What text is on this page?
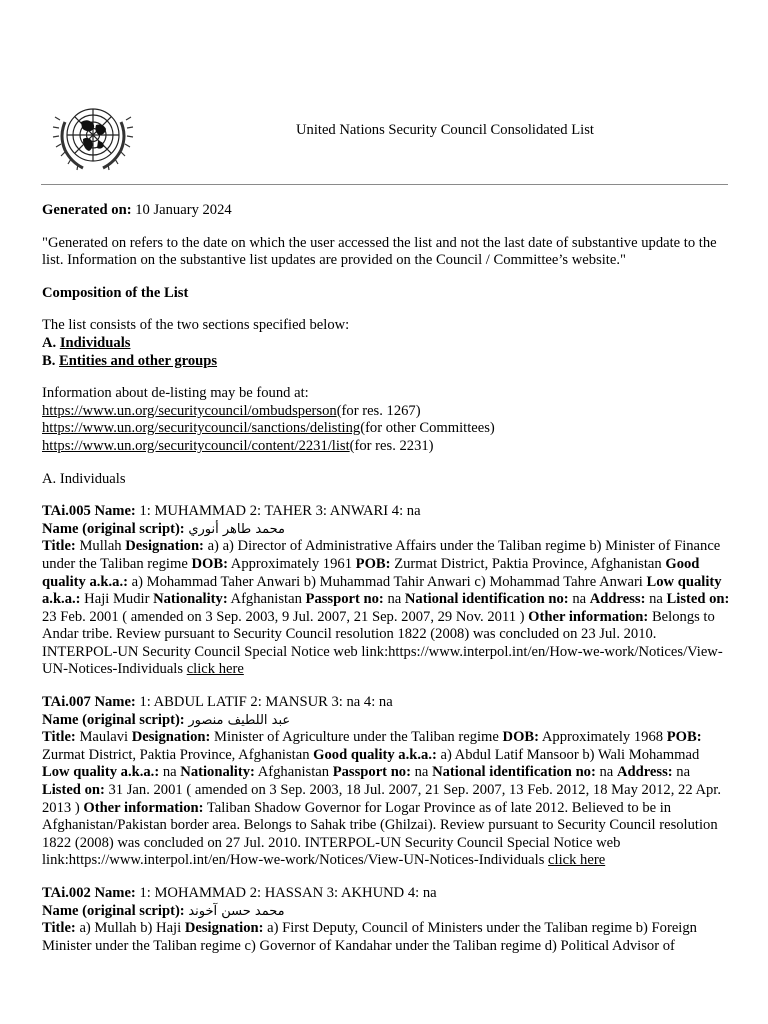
United Nations Security Council Consolidated List

Generated on: 10 January 2024

"Generated on refers to the date on which the user accessed the list and not the last date of substantive update to the list. Information on the substantive list updates are provided on the Council / Committee’s website."

Composition of the List

The list consists of the two sections specified below:
A. Individuals
B. Entities and other groups

Information about de-listing may be found at:
https://www.un.org/securitycouncil/ombudsperson(for res. 1267)
https://www.un.org/securitycouncil/sanctions/delisting(for other Committees)
https://www.un.org/securitycouncil/content/2231/list(for res. 2231)

A. Individuals

TAi.005 Name: 1: MUHAMMAD 2: TAHER 3: ANWARI 4: na
Name (original script): محمد طاهر أنوري
Title: Mullah Designation: a) a) Director of Administrative Affairs under the Taliban regime b) Minister of Finance under the Taliban regime DOB: Approximately 1961 POB: Zurmat District, Paktia Province, Afghanistan Good quality a.k.a.: a) Mohammad Taher Anwari b) Muhammad Tahir Anwari c) Mohammad Tahre Anwari Low quality a.k.a.: Haji Mudir Nationality: Afghanistan Passport no: na National identification no: na Address: na Listed on: 23 Feb. 2001 ( amended on 3 Sep. 2003, 9 Jul. 2007, 21 Sep. 2007, 29 Nov. 2011 ) Other information: Belongs to Andar tribe. Review pursuant to Security Council resolution 1822 (2008) was concluded on 23 Jul. 2010. INTERPOL-UN Security Council Special Notice web link:https://www.interpol.int/en/How-we-work/Notices/View-UN-Notices-Individuals click here
TAi.007 Name: 1: ABDUL LATIF 2: MANSUR 3: na 4: na
Name (original script): عبد اللطيف منصور
Title: Maulavi Designation: Minister of Agriculture under the Taliban regime DOB: Approximately 1968 POB: Zurmat District, Paktia Province, Afghanistan Good quality a.k.a.: a) Abdul Latif Mansoor b) Wali Mohammad Low quality a.k.a.: na Nationality: Afghanistan Passport no: na National identification no: na Address: na Listed on: 31 Jan. 2001 ( amended on 3 Sep. 2003, 18 Jul. 2007, 21 Sep. 2007, 13 Feb. 2012, 18 May 2012, 22 Apr. 2013 ) Other information: Taliban Shadow Governor for Logar Province as of late 2012. Believed to be in Afghanistan/Pakistan border area. Belongs to Sahak tribe (Ghilzai). Review pursuant to Security Council resolution 1822 (2008) was concluded on 27 Jul. 2010. INTERPOL-UN Security Council Special Notice web link:https://www.interpol.int/en/How-we-work/Notices/View-UN-Notices-Individuals click here
TAi.002 Name: 1: MOHAMMAD 2: HASSAN 3: AKHUND 4: na
Name (original script): محمد حسن آخوند
Title: a) Mullah b) Haji Designation: a) First Deputy, Council of Ministers under the Taliban regime b) Foreign Minister under the Taliban regime c) Governor of Kandahar under the Taliban regime d) Political Advisor of
